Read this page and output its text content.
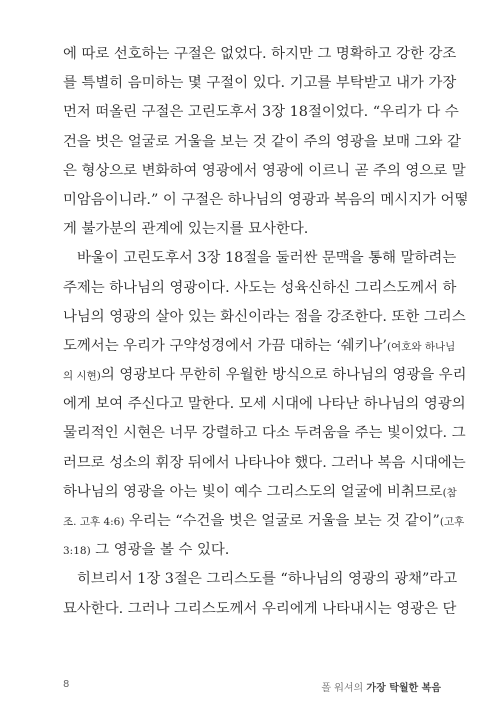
에 따로 선호하는 구절은 없었다. 하지만 그 명확하고 강한 강조
를 특별히 음미하는 몇 구절이 있다. 기고를 부탁받고 내가 가장
먼저 떠올린 구절은 고린도후서 3장 18절이었다. “우리가 다 수
건을 벗은 얼굴로 거울을 보는 것 같이 주의 영광을 보매 그와 같
은 형상으로 변화하여 영광에서 영광에 이르니 곧 주의 영으로 말
미암음이니라.” 이 구절은 하나님의 영광과 복음의 메시지가 어떻
게 불가분의 관계에 있는지를 묘사한다.
바울이 고린도후서 3장 18절을 둘러싼 문맥을 통해 말하려는
주제는 하나님의 영광이다. 사도는 성육신하신 그리스도께서 하
나님의 영광의 살아 있는 화신이라는 점을 강조한다. 또한 그리스
도께서는 우리가 구약성경에서 가끔 대하는 ‘쉐키나’(여호와 하나님
의 시현)의 영광보다 무한히 우월한 방식으로 하나님의 영광을 우리
에게 보여 주신다고 말한다. 모세 시대에 나타난 하나님의 영광의
물리적인 시현은 너무 강렬하고 다소 두려움을 주는 빛이었다. 그
러므로 성소의 휘장 뒤에서 나타나야 했다. 그러나 복음 시대에는
하나님의 영광을 아는 빛이 예수 그리스도의 얼굴에 비취므로(참
조. 고후 4:6) 우리는 “수건을 벗은 얼굴로 거울을 보는 것 같이”(고후
3:18) 그 영광을 볼 수 있다.
히브리서 1장 3절은 그리스도를 “하나님의 영광의 광채”라고
묘사한다. 그러나 그리스도께서 우리에게 나타내시는 영광은 단
8	폴 워셔의 가장 탁월한 복음
